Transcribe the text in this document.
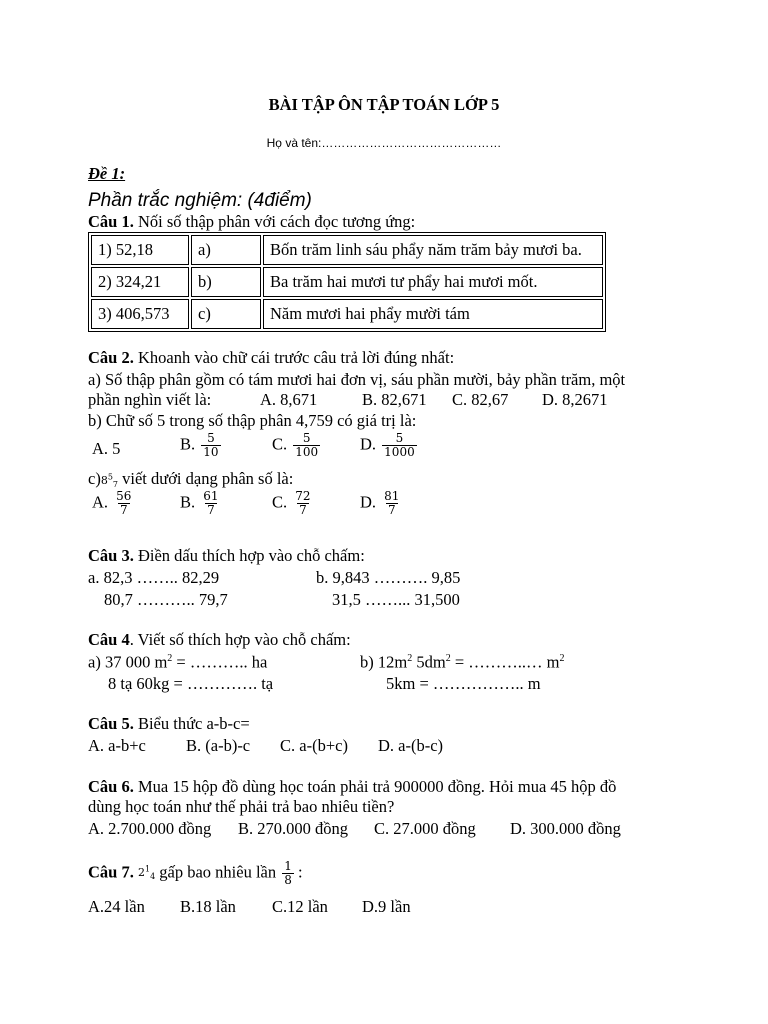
BÀI TẬP ÔN TẬP TOÁN LỚP 5
Họ và tên:………………………………………
Đề 1:
Phần trắc nghiệm: (4điểm)
Câu 1. Nối số thập phân với cách đọc tương ứng:
1) 52,18	a)	Bốn trăm linh sáu phẩy năm trăm bảy mươi ba.
2) 324,21	b)	Ba trăm hai mươi tư phẩy hai mươi mốt.
3) 406,573	c)	Năm mươi hai phẩy mười tám
Câu 2. Khoanh vào chữ cái trước câu trả lời đúng nhất:
a) Số thập phân gồm có tám mươi hai đơn vị, sáu phần mười, bảy phần trăm, một
phần nghìn viết là:	A. 8,671	B. 82,671 C. 82,67 D. 8,2671
b) Chữ số 5 trong số thập phân 4,759 có giá trị là:
A. 5	B. $\frac{5}{10}$	C. $\frac{5}{100} D$. $\frac{5}{1000}$
$c)8^5_7$ viết dưới dạng phân số là:
A. $\frac{56}{7}$	B. $\frac{61}{7}$	C. $\frac{72}{7}$	D. $\frac{81}{7}$
Câu 3. Điền dấu thích hợp vào chỗ chấm:
a. 82,3 …….. 82,29	b. 9,843 ………. 9,85
80,7 ……….. 79,7	31,5 ……... 31,500
Câu 4. Viết số thích hợp vào chỗ chấm:
a) 37 000 $m^2$ = ……….. ha	b) $12m^2$ $5dm^2$ = ………..… $m^2$
8 tạ 60kg = …………. tạ	5km = …………….. m
Câu 5. Biểu thức a-b-c=
A. a-b+c B. (a-b)-c C. a-(b+c) D. a-(b-c)
Câu 6. Mua 15 hộp đồ dùng học toán phải trả 900000 đồng. Hỏi mua 45 hộp đồ
dùng học toán như thế phải trả bao nhiêu tiền?
A. 2.700.000 đồng B. 270.000 đồng C. 27.000 đồng D. 300.000 đồng
Câu 7. $2^1_4$ gấp bao nhiêu lần $\frac{1}{8}$ :
A.24 lần B.18 lần C.12 lần D.9 lần
